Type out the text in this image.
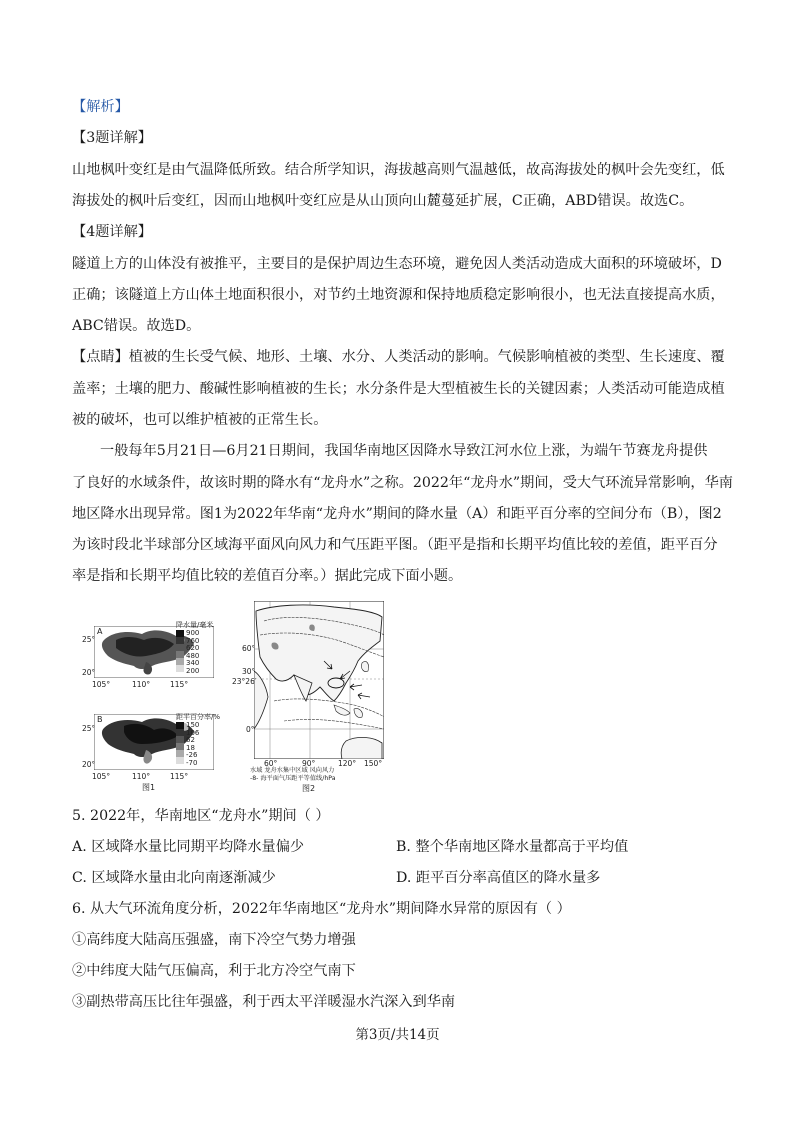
【解析】
【3题详解】
山地枫叶变红是由气温降低所致。结合所学知识，海拔越高则气温越低，故高海拔处的枫叶会先变红，低
海拔处的枫叶后变红，因而山地枫叶变红应是从山顶向山麓蔓延扩展，C正确，ABD错误。故选C。
【4题详解】
隧道上方的山体没有被推平，主要目的是保护周边生态环境，避免因人类活动造成大面积的环境破坏，D
正确；该隧道上方山体土地面积很小，对节约土地资源和保持地质稳定影响很小，也无法直接提高水质，
ABC错误。故选D。
【点睛】植被的生长受气候、地形、土壤、水分、人类活动的影响。气候影响植被的类型、生长速度、覆
盖率；土壤的肥力、酸碱性影响植被的生长；水分条件是大型植被生长的关键因素；人类活动可能造成植
被的破坏，也可以维护植被的正常生长。
一般每年5月21日—6月21日期间，我国华南地区因降水导致江河水位上涨，为端午节赛龙舟提供
了良好的水域条件，故该时期的降水有“龙舟水”之称。2022年“龙舟水”期间，受大气环流异常影响，华南
地区降水出现异常。图1为2022年华南“龙舟水”期间的降水量（A）和距平百分率的空间分布（B），图2
为该时段北半球部分区域海平面风向风力和气压距平图。（距平是指和长期平均值比较的差值，距平百分
率是指和长期平均值比较的差值百分率。）据此完成下面小题。
25°
20°
105°	110°	115°
A
降水量/毫米
900
760
620
480
340
200
25°
20°
105°	110°	115°
B	距平百分率/%
150
106
62
18
-26
-70
图1
60°
30°
23°26′
0°
60°	90°	120° 150°
水域 龙舟水集中区域 风向风力
-8- 海平面气压距平等值线/hPa
图2
5. 2022年，华南地区“龙舟水”期间（ ）
A. 区域降水量比同期平均降水量偏少	B. 整个华南地区降水量都高于平均值
C. 区域降水量由北向南逐渐减少	D. 距平百分率高值区的降水量多
6. 从大气环流角度分析，2022年华南地区“龙舟水”期间降水异常的原因有（ ）
①高纬度大陆高压强盛，南下冷空气势力增强
②中纬度大陆气压偏高，利于北方冷空气南下
③副热带高压比往年强盛，利于西太平洋暖湿水汽深入到华南
第3页/共14页
